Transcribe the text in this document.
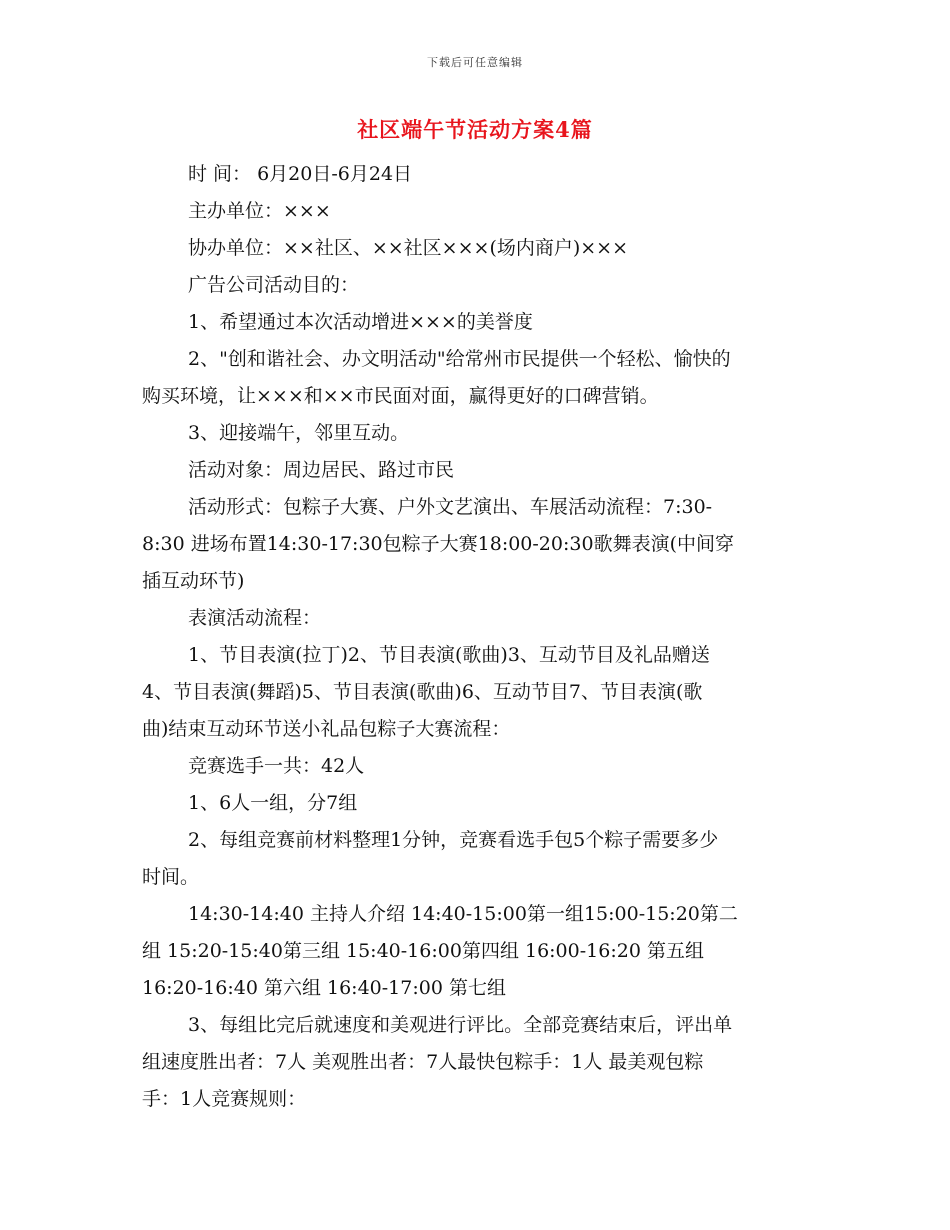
下载后可任意编辑
社区端午节活动方案4篇

时 间： 6月20日-6月24日

主办单位：×××

协办单位：××社区、××社区×××(场内商户)×××

广告公司活动目的：

1、希望通过本次活动增进×××的美誉度

2、"创和谐社会、办文明活动"给常州市民提供一个轻松、愉快的

购买环境，让×××和××市民面对面，赢得更好的口碑营销。

3、迎接端午，邻里互动。

活动对象：周边居民、路过市民

活动形式：包粽子大赛、户外文艺演出、车展活动流程：7:30-

8:30 进场布置14:30-17:30包粽子大赛18:00-20:30歌舞表演(中间穿

插互动环节)

表演活动流程：

1、节目表演(拉丁)2、节目表演(歌曲)3、互动节目及礼品赠送

4、节目表演(舞蹈)5、节目表演(歌曲)6、互动节目7、节目表演(歌

曲)结束互动环节送小礼品包粽子大赛流程：

竞赛选手一共：42人

1、6人一组，分7组

2、每组竞赛前材料整理1分钟，竞赛看选手包5个粽子需要多少

时间。

14:30-14:40 主持人介绍 14:40-15:00第一组15:00-15:20第二

组 15:20-15:40第三组 15:40-16:00第四组 16:00-16:20 第五组

16:20-16:40 第六组 16:40-17:00 第七组

3、每组比完后就速度和美观进行评比。全部竞赛结束后，评出单

组速度胜出者：7人 美观胜出者：7人最快包粽手：1人 最美观包粽

手：1人竞赛规则：
